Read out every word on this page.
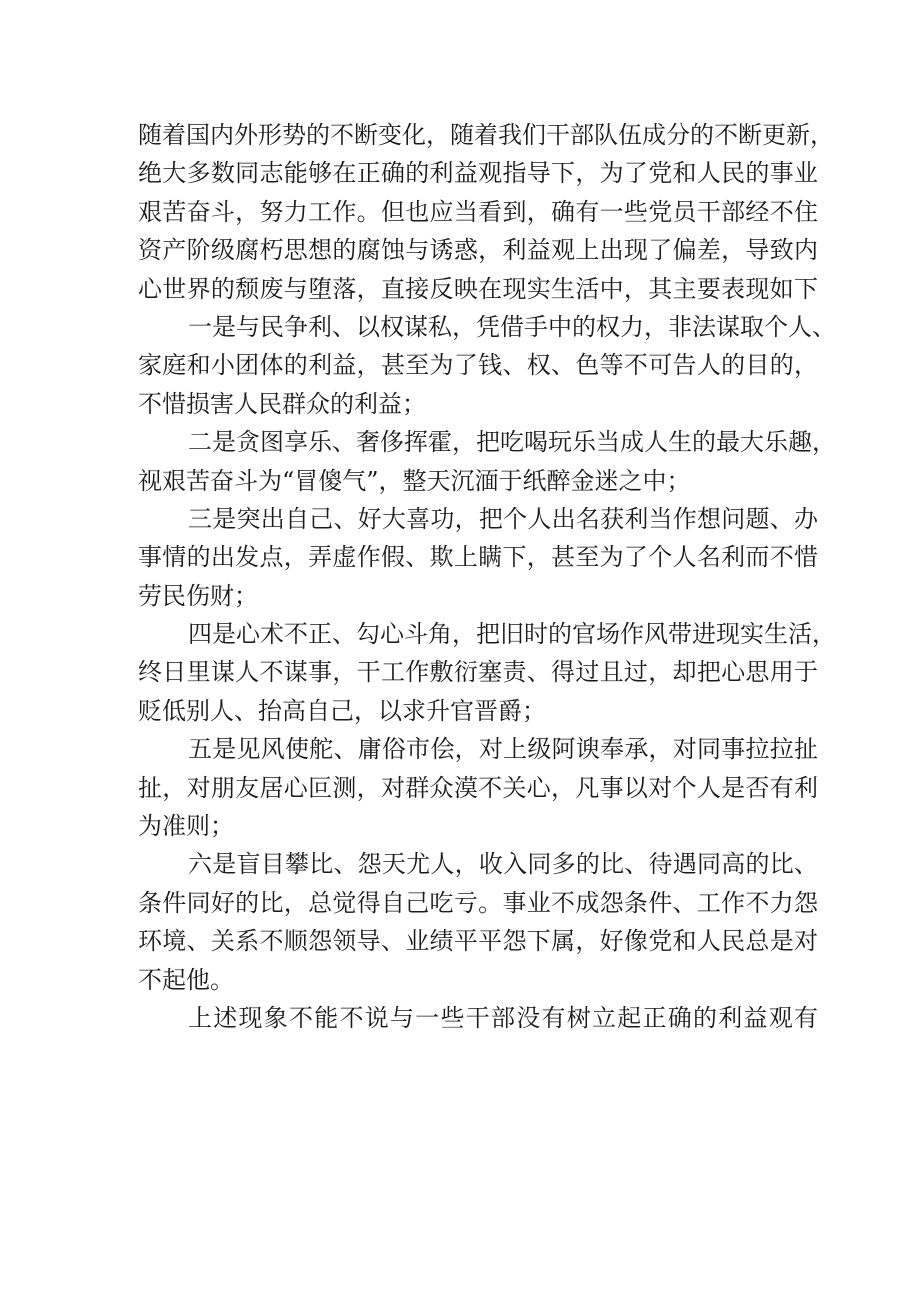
随着国内外形势的不断变化，随着我们干部队伍成分的不断更新，
绝大多数同志能够在正确的利益观指导下，为了党和人民的事业
艰苦奋斗，努力工作。但也应当看到，确有一些党员干部经不住
资产阶级腐朽思想的腐蚀与诱惑，利益观上出现了偏差，导致内
心世界的颓废与堕落，直接反映在现实生活中，其主要表现如下
一是与民争利、以权谋私，凭借手中的权力，非法谋取个人、
家庭和小团体的利益，甚至为了钱、权、色等不可告人的目的，
不惜损害人民群众的利益；
二是贪图享乐、奢侈挥霍，把吃喝玩乐当成人生的最大乐趣，
视艰苦奋斗为“冒傻气”，整天沉湎于纸醉金迷之中；
三是突出自己、好大喜功，把个人出名获利当作想问题、办
事情的出发点，弄虚作假、欺上瞒下，甚至为了个人名利而不惜
劳民伤财；
四是心术不正、勾心斗角，把旧时的官场作风带进现实生活，
终日里谋人不谋事，干工作敷衍塞责、得过且过，却把心思用于
贬低别人、抬高自己，以求升官晋爵；
五是见风使舵、庸俗市侩，对上级阿谀奉承，对同事拉拉扯
扯，对朋友居心叵测，对群众漠不关心，凡事以对个人是否有利
为准则；
六是盲目攀比、怨天尤人，收入同多的比、待遇同高的比、
条件同好的比，总觉得自己吃亏。事业不成怨条件、工作不力怨
环境、关系不顺怨领导、业绩平平怨下属，好像党和人民总是对
不起他。
上述现象不能不说与一些干部没有树立起正确的利益观有
